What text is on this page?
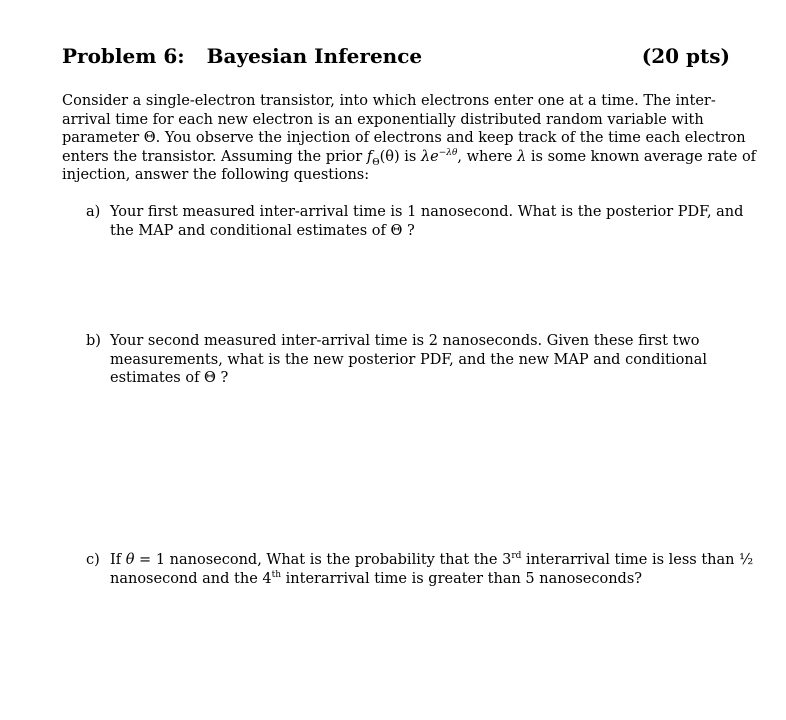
Problem 6: Bayesian Inference	(20 pts)
Consider a single-electron transistor, into which electrons enter one at a time. The inter-arrival time for each new electron is an exponentially distributed random variable with parameter Θ. You observe the injection of electrons and keep track of the time each electron enters the transistor. Assuming the prior $f_\Theta(\theta)$ is $\lambda e^{-\lambda\theta}$, where λ is some known average rate of injection, answer the following questions:
a) Your first measured inter-arrival time is 1 nanosecond. What is the posterior PDF, and the MAP and conditional estimates of Θ ?
b) Your second measured inter-arrival time is 2 nanoseconds. Given these first two measurements, what is the new posterior PDF, and the new MAP and conditional estimates of Θ ?
c) If θ = 1 nanosecond, What is the probability that the 3rd interarrival time is less than ½ nanosecond and the 4th interarrival time is greater than 5 nanoseconds?
